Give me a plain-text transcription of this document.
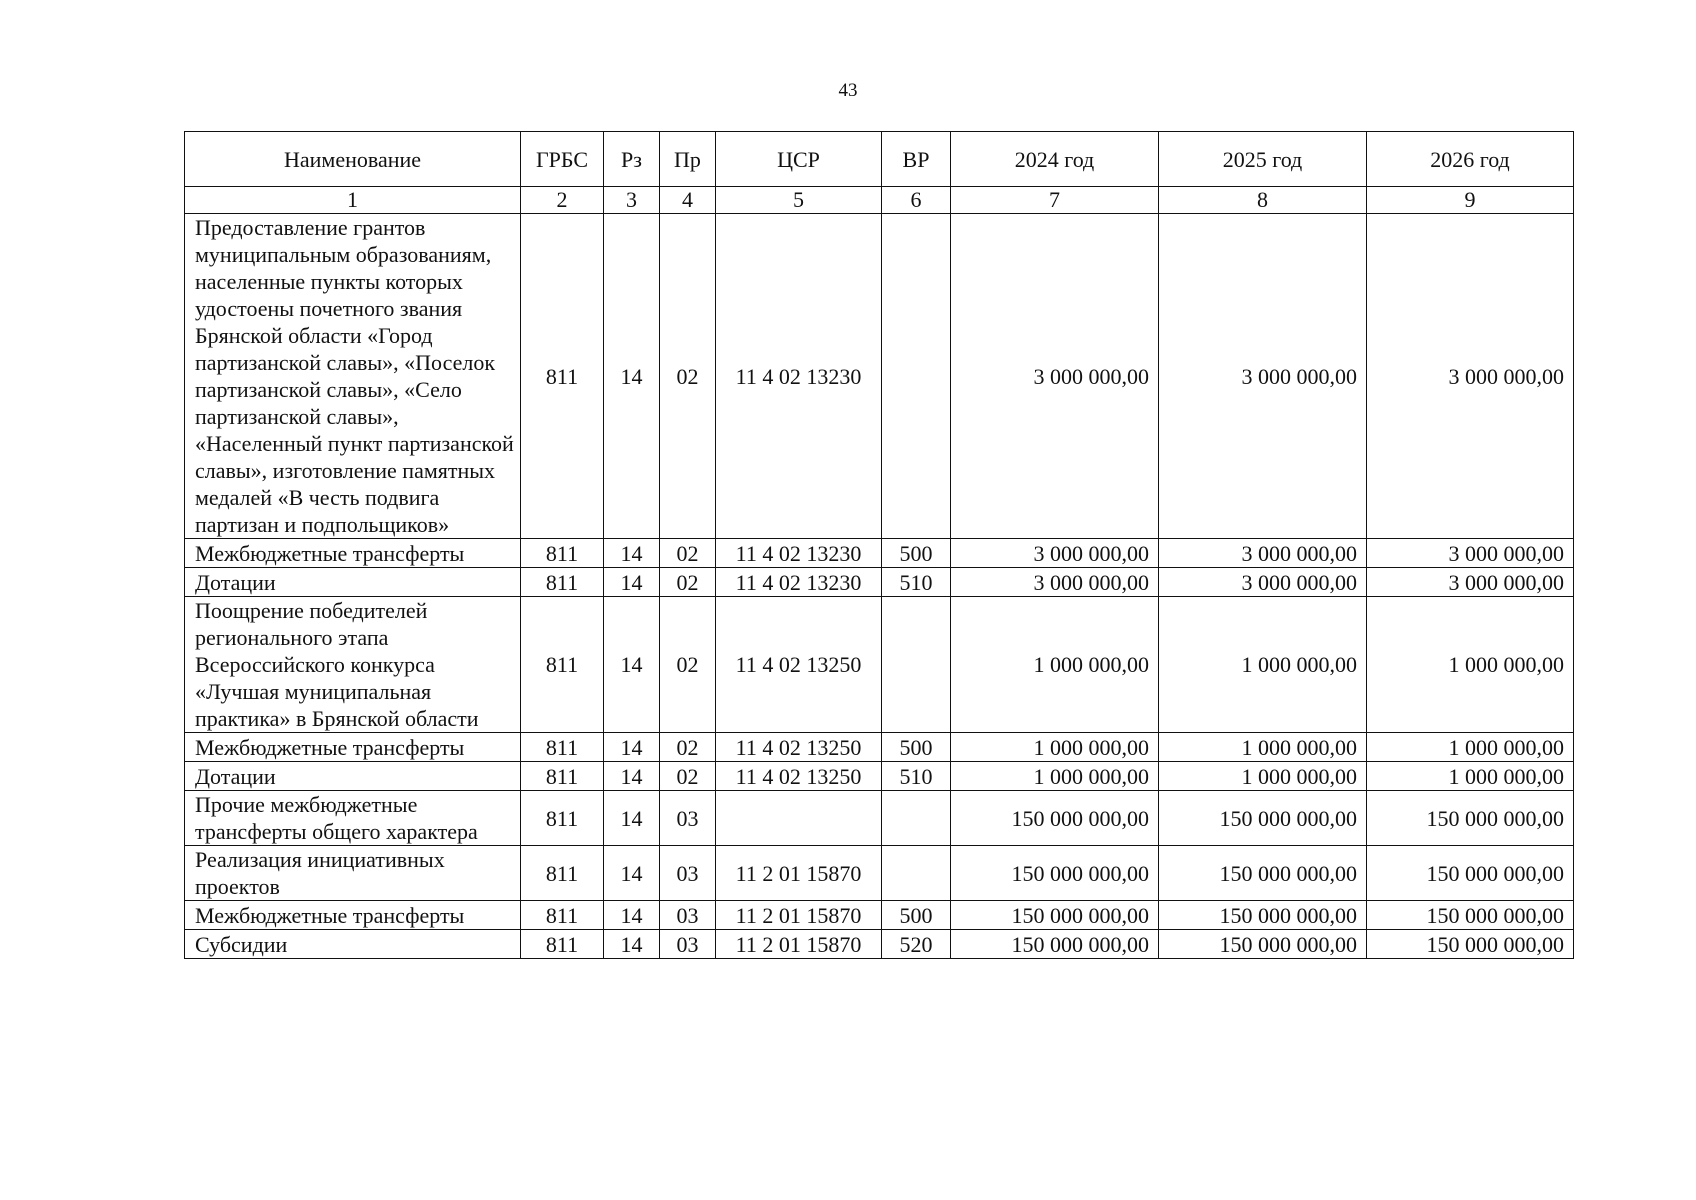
43
Наименование	ГРБС	Рз	Пр	ЦСР	ВР	2024 год	2025 год	2026 год
1	2	3	4	5	6	7	8	9
Предоставление грантов муниципальным образованиям, населенные пункты которых удостоены почетного звания Брянской области «Город партизанской славы», «Поселок партизанской славы», «Село партизанской славы», «Населенный пункт партизанской славы», изготовление памятных медалей «В честь подвига партизан и подпольщиков»	811	14	02	11 4 02 13230		3 000 000,00	3 000 000,00	3 000 000,00
Межбюджетные трансферты	811	14	02	11 4 02 13230	500	3 000 000,00	3 000 000,00	3 000 000,00
Дотации	811	14	02	11 4 02 13230	510	3 000 000,00	3 000 000,00	3 000 000,00
Поощрение победителей регионального этапа Всероссийского конкурса «Лучшая муниципальная практика» в Брянской области	811	14	02	11 4 02 13250		1 000 000,00	1 000 000,00	1 000 000,00
Межбюджетные трансферты	811	14	02	11 4 02 13250	500	1 000 000,00	1 000 000,00	1 000 000,00
Дотации	811	14	02	11 4 02 13250	510	1 000 000,00	1 000 000,00	1 000 000,00
Прочие межбюджетные трансферты общего характера	811	14	03			150 000 000,00	150 000 000,00	150 000 000,00
Реализация инициативных проектов	811	14	03	11 2 01 15870		150 000 000,00	150 000 000,00	150 000 000,00
Межбюджетные трансферты	811	14	03	11 2 01 15870	500	150 000 000,00	150 000 000,00	150 000 000,00
Субсидии	811	14	03	11 2 01 15870	520	150 000 000,00	150 000 000,00	150 000 000,00
